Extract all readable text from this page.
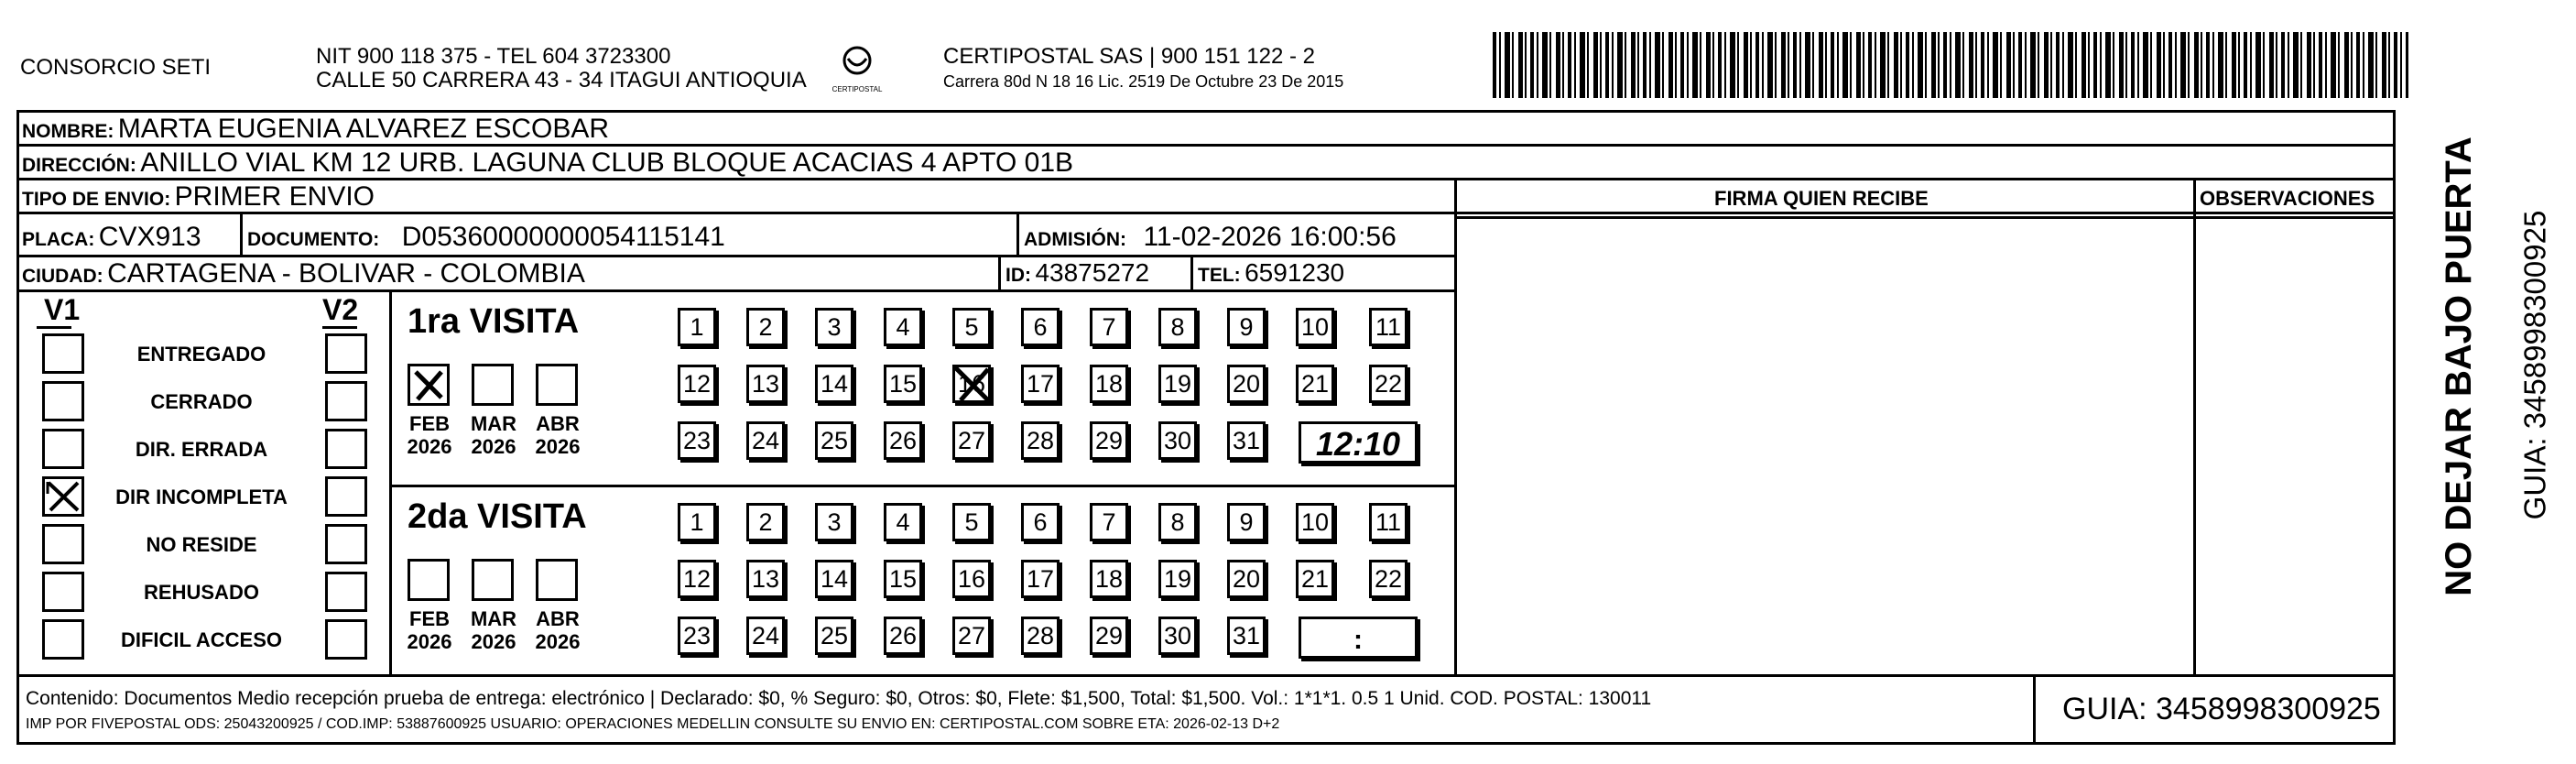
CONSORCIO SETI	NIT 900 118 375 - TEL 604 3723300
CALLE 50 CARRERA 43 - 34 ITAGUI ANTIOQUIA	CERTIPOSTAL
CERTIPOSTAL SAS | 900 151 122 - 2
Carrera 80d N 18 16 Lic. 2519 De Octubre 23 De 2015
NOMBRE: MARTA EUGENIA ALVAREZ ESCOBAR
DIRECCIÓN: ANILLO VIAL KM 12 URB. LAGUNA CLUB BLOQUE ACACIAS 4 APTO 01B
TIPO DE ENVIO: PRIMER ENVIO	FIRMA QUIEN RECIBE	OBSERVACIONES
PLACA: CVX913 DOCUMENTO: D05360000000054115141	ADMISIÓN: 11-02-2026 16:00:56
CIUDAD: CARTAGENA - BOLIVAR - COLOMBIA	ID: 43875272	TEL: 6591230
V1	V2
ENTREGADO
CERRADO
DIR. ERRADA
DIR INCOMPLETA
NO RESIDE
REHUSADO
DIFICIL ACCESO
1ra VISITA
FEB
2026
MAR
2026
ABR
2026
1	2	3	4	5	6	7	8	9	10 11
12 13 14 15 16 17 18 19 20 21 22
23 24 25 26 27 28 29 30 31	12:10
2da VISITA
FEB
2026
MAR
2026
ABR
2026
1	2	3	4	5	6	7	8	9	10 11
12 13 14 15 16 17 18 19 20 21 22
23 24 25 26 27 28 29 30 31	:
Contenido: Documentos Medio recepción prueba de entrega: electrónico | Declarado: $0, % Seguro: $0, Otros: $0, Flete: $1,500, Total: $1,500. Vol.: 1*1*1. 0.5 1 Unid. COD. POSTAL: 130011
IMP POR FIVEPOSTAL ODS: 25043200925 / COD.IMP: 53887600925 USUARIO: OPERACIONES MEDELLIN CONSULTE SU ENVIO EN: CERTIPOSTAL.COM SOBRE ETA: 2026-02-13 D+2	GUIA: 3458998300925
NO DEJAR BAJO PUERTA GUIA: 3458998300925
